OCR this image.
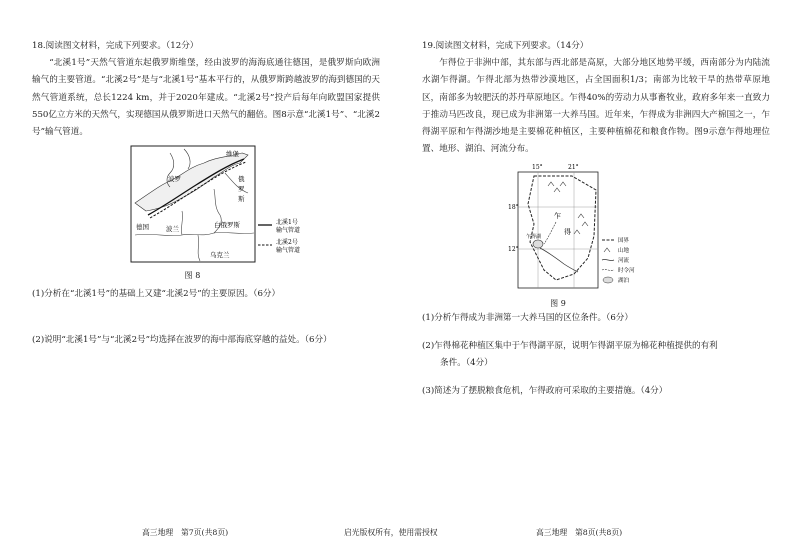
18.阅读图文材料，完成下列要求。（12分）

“北溪1号”天然气管道东起俄罗斯维堡，经由波罗的海海底通往德国，是俄罗斯向欧洲输气的主要管道。“北溪2号”是与“北溪1号”基本平行的，从俄罗斯跨越波罗的海到德国的天然气管道系统，总长1224 km，并于2020年建成。“北溪2号”投产后每年向欧盟国家提供550亿立方米的天然气，实现德国从俄罗斯进口天然气的翻倍。图8示意“北溪1号”、“北溪2号”输气管道。

维堡
波罗	俄
罗
斯
德国	波兰	白俄罗斯
乌克兰
北溪1号
输气管道
北溪2号
输气管道
图 8

(1)分析在“北溪1号”的基础上又建“北溪2号”的主要原因。（6分）

(2)说明“北溪1号”与“北溪2号”均选择在波罗的海中部海底穿越的益处。（6分）

19.阅读图文材料，完成下列要求。（14分）

乍得位于非洲中部，其东部与西北部是高原，大部分地区地势平缓，西南部分为内陆流水湖乍得湖。乍得北部为热带沙漠地区，占全国面积1/3；南部为比较干旱的热带草原地区，南部多为较肥沃的苏丹草原地区。乍得40%的劳动力从事畜牧业，政府多年来一直致力于推动马匹改良，现已成为非洲第一大养马国。近年来，乍得成为非洲四大产棉国之一，乍得湖平原和乍得湖沙地是主要棉花种植区，主要种植棉花和粮食作物。图9示意乍得地理位置、地形、湖泊、河流分布。

15°	21°
18°
12°
乍
得
乍得湖
国界
山地
河流
时令河
湖泊
图 9

(1)分析乍得成为非洲第一大养马国的区位条件。（6分）

(2)乍得棉花种植区集中于乍得湖平原，说明乍得湖平原为棉花种植提供的有利

条件。（4分）

(3)简述为了摆脱粮食危机，乍得政府可采取的主要措施。（4分）

高三地理　第7页(共8页)	启光版权所有，使用需授权	高三地理　第8页(共8页)
